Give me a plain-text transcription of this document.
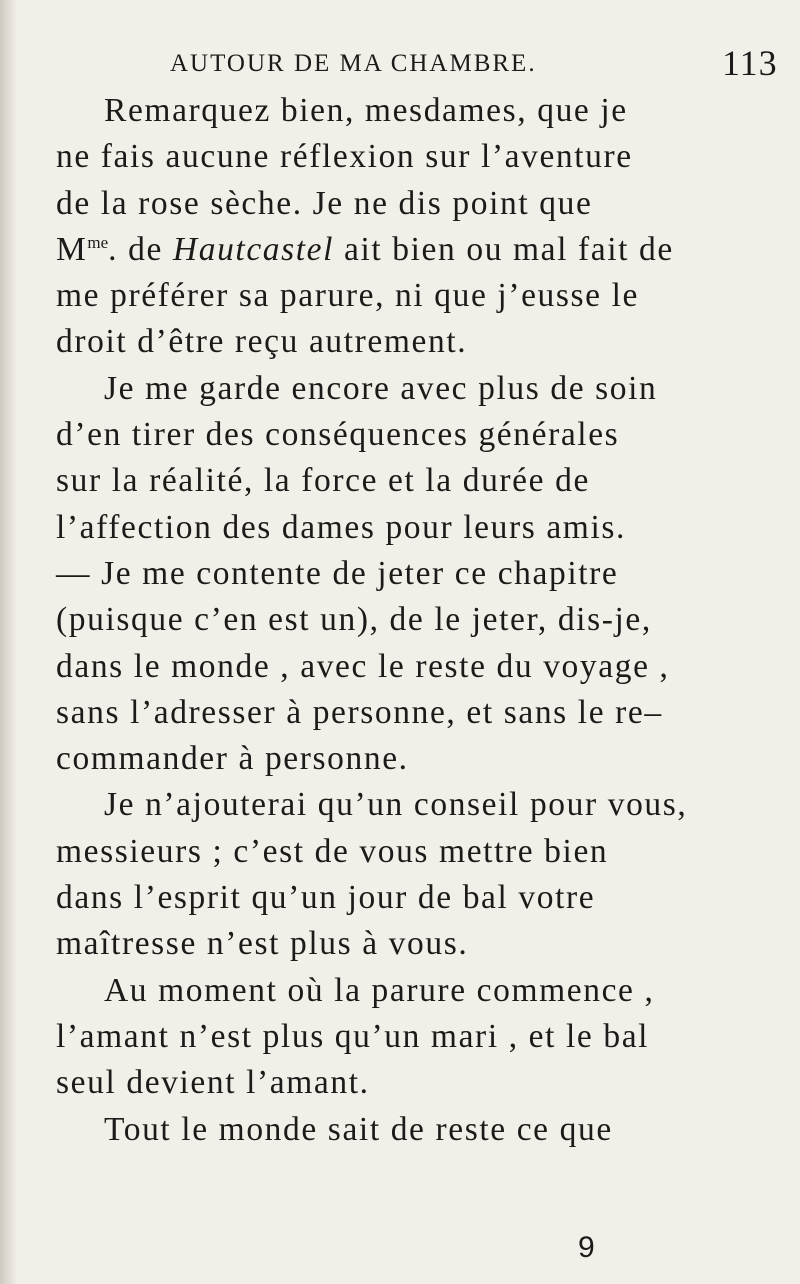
AUTOUR DE MA CHAMBRE.	113
Remarquez bien, mesdames, que je
ne fais aucune réflexion sur l’aventure
de la rose sèche. Je ne dis point que
$M^{me}$. de Hautcastel ait bien ou mal fait de
me préférer sa parure, ni que j’eusse le
droit d’être reçu autrement.
Je me garde encore avec plus de soin
d’en tirer des conséquences générales
sur la réalité, la force et la durée de
l’affection des dames pour leurs amis.
— Je me contente de jeter ce chapitre
(puisque c’en est un), de le jeter, dis-je,
dans le monde , avec le reste du voyage ,
sans l’adresser à personne, et sans le re–
commander à personne.
Je n’ajouterai qu’un conseil pour vous,
messieurs ; c’est de vous mettre bien
dans l’esprit qu’un jour de bal votre
maîtresse n’est plus à vous.
Au moment où la parure commence ,
l’amant n’est plus qu’un mari , et le bal
seul devient l’amant.
Tout le monde sait de reste ce que
9
